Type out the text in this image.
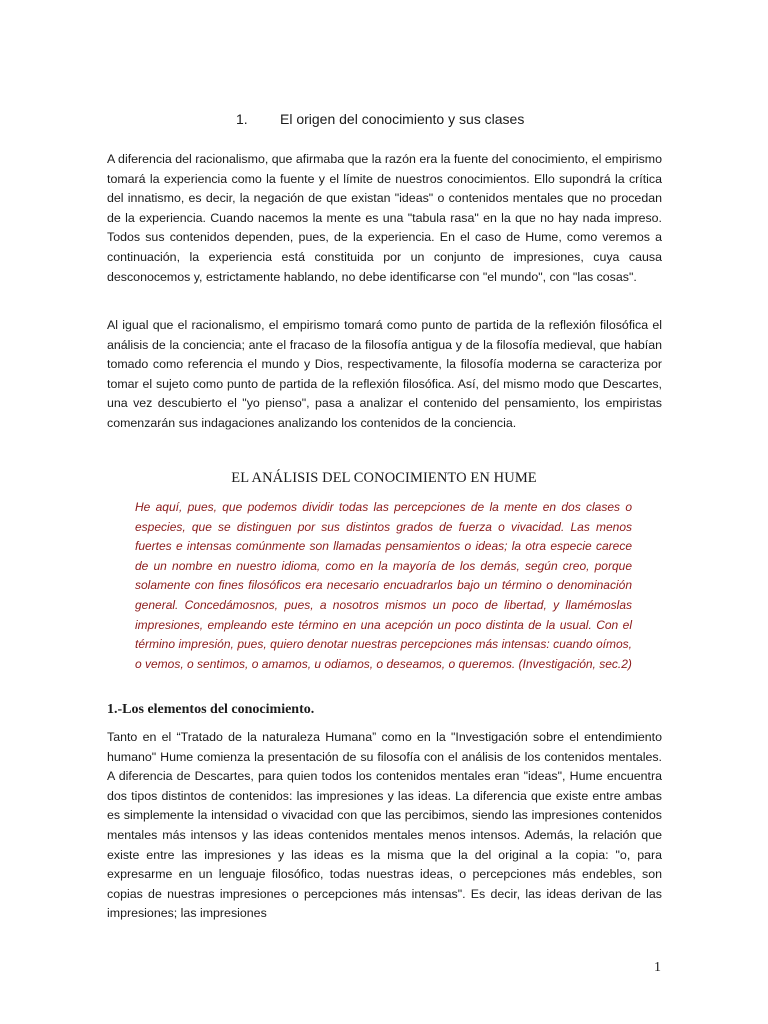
1. El origen del conocimiento y sus clases

A diferencia del racionalismo, que afirmaba que la razón era la fuente del conocimiento, el empirismo tomará la experiencia como la fuente y el límite de nuestros conocimientos. Ello supondrá la crítica del innatismo, es decir, la negación de que existan "ideas" o contenidos mentales que no procedan de la experiencia. Cuando nacemos la mente es una "tabula rasa" en la que no hay nada impreso. Todos sus contenidos dependen, pues, de la experiencia. En el caso de Hume, como veremos a continuación, la experiencia está constituida por un conjunto de impresiones, cuya causa desconocemos y, estrictamente hablando, no debe identificarse con "el mundo", con "las cosas".

Al igual que el racionalismo, el empirismo tomará como punto de partida de la reflexión filosófica el análisis de la conciencia; ante el fracaso de la filosofía antigua y de la filosofía medieval, que habían tomado como referencia el mundo y Dios, respectivamente, la filosofía moderna se caracteriza por tomar el sujeto como punto de partida de la reflexión filosófica. Así, del mismo modo que Descartes, una vez descubierto el "yo pienso", pasa a analizar el contenido del pensamiento, los empiristas comenzarán sus indagaciones analizando los contenidos de la conciencia.

EL ANÁLISIS DEL CONOCIMIENTO EN HUME

He aquí, pues, que podemos dividir todas las percepciones de la mente en dos clases o especies, que se distinguen por sus distintos grados de fuerza o vivacidad. Las menos fuertes e intensas comúnmente son llamadas pensamientos o ideas; la otra especie carece de un nombre en nuestro idioma, como en la mayoría de los demás, según creo, porque solamente con fines filosóficos era necesario encuadrarlos bajo un término o denominación general. Concedámosnos, pues, a nosotros mismos un poco de libertad, y llamémoslas impresiones, empleando este término en una acepción un poco distinta de la usual. Con el término impresión, pues, quiero denotar nuestras percepciones más intensas: cuando oímos, o vemos, o sentimos, o amamos, u odiamos, o deseamos, o queremos. (Investigación, sec.2)

1.-Los elementos del conocimiento.

Tanto en el “Tratado de la naturaleza Humana” como en la "Investigación sobre el entendimiento humano" Hume comienza la presentación de su filosofía con el análisis de los contenidos mentales. A diferencia de Descartes, para quien todos los contenidos mentales eran "ideas", Hume encuentra dos tipos distintos de contenidos: las impresiones y las ideas. La diferencia que existe entre ambas es simplemente la intensidad o vivacidad con que las percibimos, siendo las impresiones contenidos mentales más intensos y las ideas contenidos mentales menos intensos. Además, la relación que existe entre las impresiones y las ideas es la misma que la del original a la copia: "o, para expresarme en un lenguaje filosófico, todas nuestras ideas, o percepciones más endebles, son copias de nuestras impresiones o percepciones más intensas". Es decir, las ideas derivan de las impresiones; las impresiones

1
